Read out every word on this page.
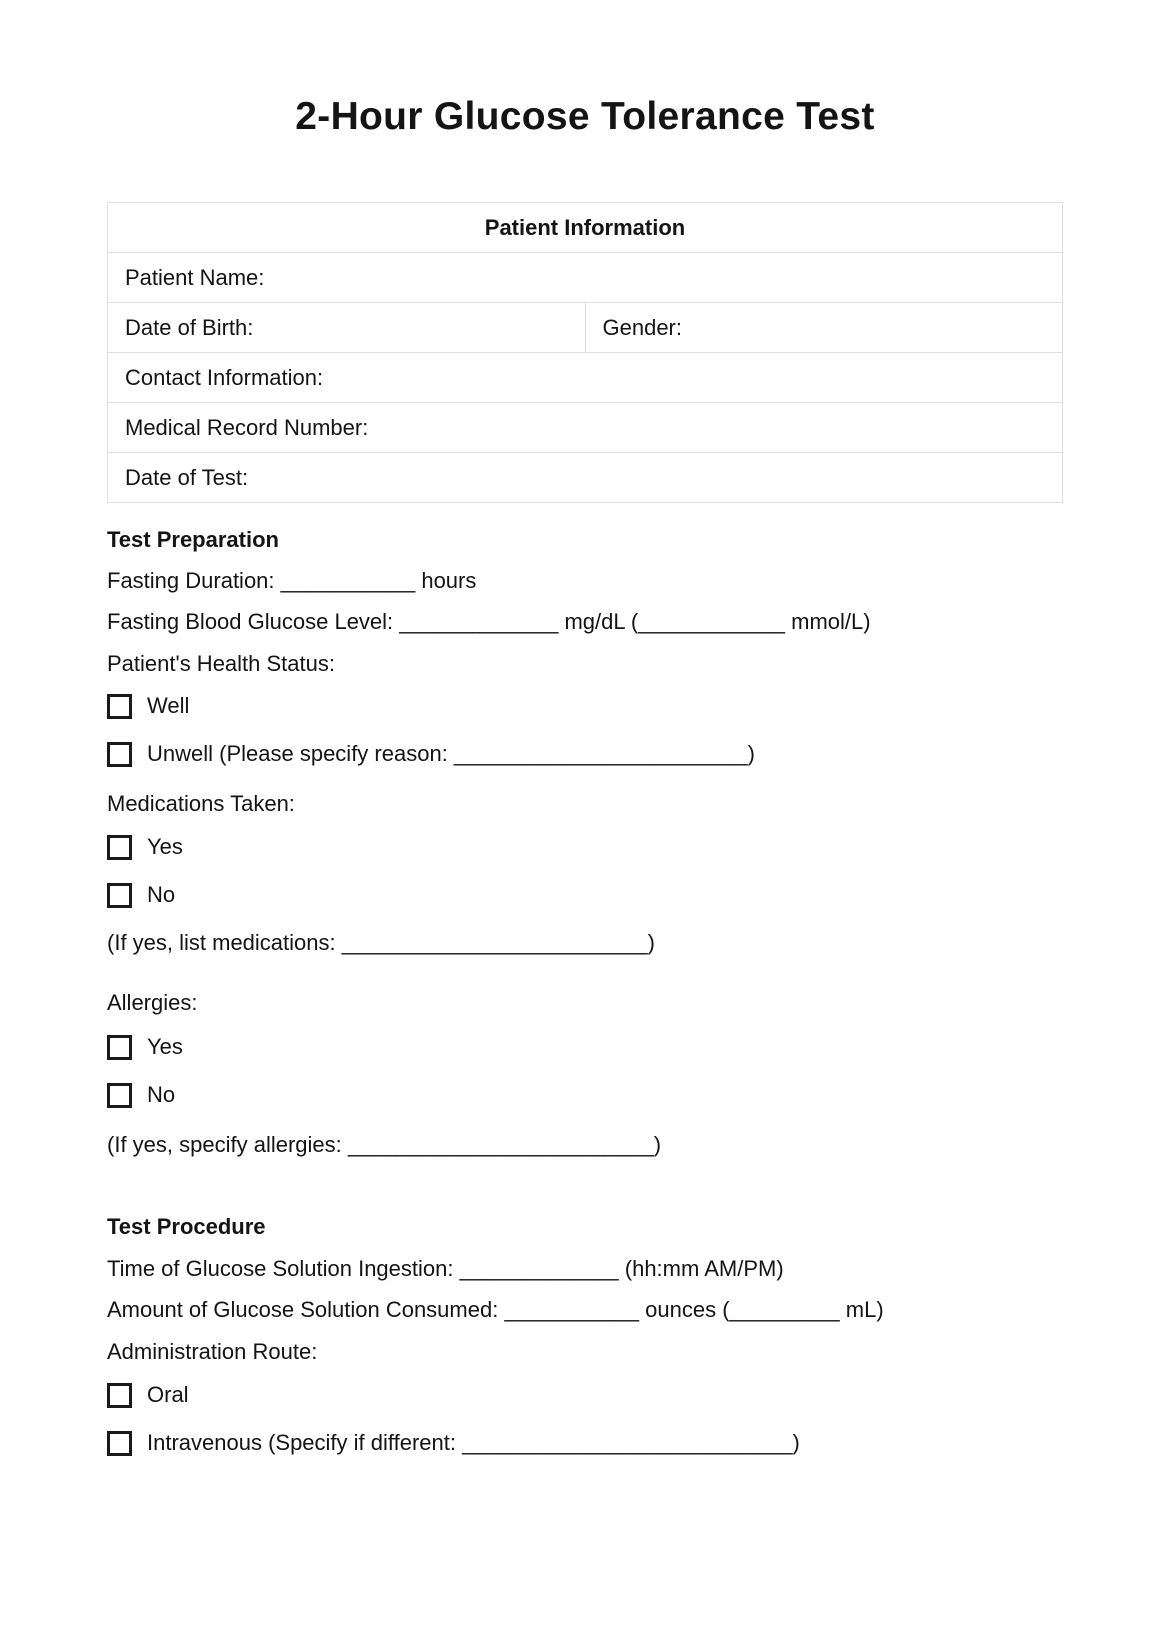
2-Hour Glucose Tolerance Test
Patient Information
Patient Name:
Date of Birth:	Gender:
Contact Information:
Medical Record Number:
Date of Test:

Test Preparation

Fasting Duration: ___________ hours

Fasting Blood Glucose Level: _____________ mg/dL (____________ mmol/L)

Patient's Health Status:

Well
Unwell (Please specify reason: ________________________)

Medications Taken:

Yes
No

(If yes, list medications: _________________________)

Allergies:

Yes
No

(If yes, specify allergies: _________________________)

Test Procedure

Time of Glucose Solution Ingestion: _____________ (hh:mm AM/PM)

Amount of Glucose Solution Consumed: ___________ ounces (_________ mL)

Administration Route:

Oral
Intravenous (Specify if different: ___________________________)
